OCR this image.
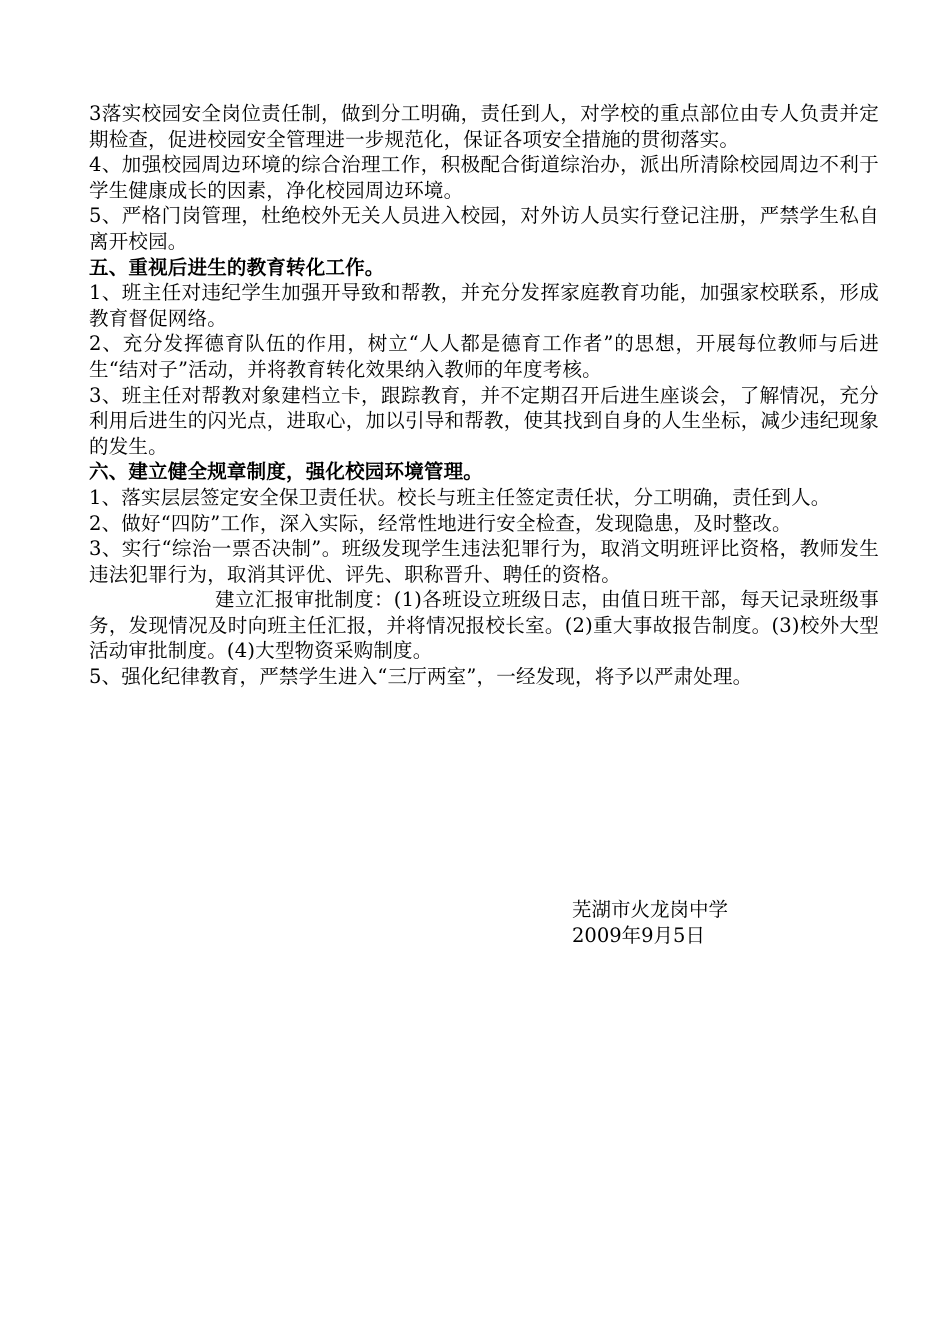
3落实校园安全岗位责任制，做到分工明确，责任到人，对学校的重点部位由专人负责并定期检查，促进校园安全管理进一步规范化，保证各项安全措施的贯彻落实。

4、加强校园周边环境的综合治理工作，积极配合街道综治办，派出所清除校园周边不利于学生健康成长的因素，净化校园周边环境。

5、严格门岗管理，杜绝校外无关人员进入校园，对外访人员实行登记注册，严禁学生私自离开校园。

五、重视后进生的教育转化工作。

1、班主任对违纪学生加强开导致和帮教，并充分发挥家庭教育功能，加强家校联系，形成教育督促网络。

2、充分发挥德育队伍的作用，树立“人人都是德育工作者”的思想，开展每位教师与后进生“结对子”活动，并将教育转化效果纳入教师的年度考核。

3、班主任对帮教对象建档立卡，跟踪教育，并不定期召开后进生座谈会，了解情况，充分利用后进生的闪光点，进取心，加以引导和帮教，使其找到自身的人生坐标，减少违纪现象的发生。

六、建立健全规章制度，强化校园环境管理。

1、落实层层签定安全保卫责任状。校长与班主任签定责任状，分工明确，责任到人。

2、做好“四防”工作，深入实际，经常性地进行安全检查，发现隐患，及时整改。

3、实行“综治一票否决制”。班级发现学生违法犯罪行为，取消文明班评比资格，教师发生违法犯罪行为，取消其评优、评先、职称晋升、聘任的资格。

建立汇报审批制度：(1)各班设立班级日志，由值日班干部，每天记录班级事务，发现情况及时向班主任汇报，并将情况报校长室。(2)重大事故报告制度。(3)校外大型活动审批制度。(4)大型物资采购制度。

5、强化纪律教育，严禁学生进入“三厅两室”，一经发现，将予以严肃处理。

芜湖市火龙岗中学
2009年9月5日
